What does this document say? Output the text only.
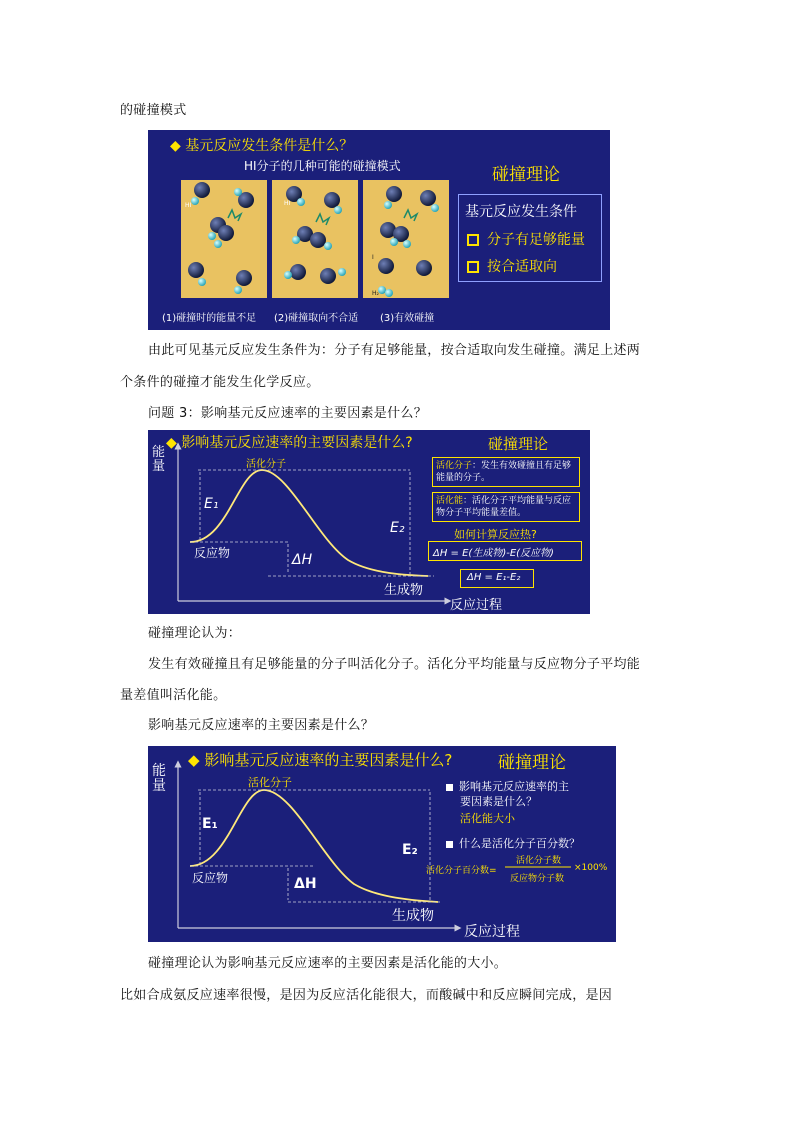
的碰撞模式
◆ 基元反应发生条件是什么？
HI分子的几种可能的碰撞模式
HI	HI
I
I
H₂
(1)碰撞时的能量不足 (2)碰撞取向不合适 (3)有效碰撞
碰撞理论
基元反应发生条件
分子有足够能量
按合适取向
由此可见基元反应发生条件为：分子有足够能量，按合适取向发生碰撞。满足上述两
个条件的碰撞才能发生化学反应。
问题 3：影响基元反应速率的主要因素是什么？
◆ 影响基元反应速率的主要因素是什么?	碰撞理论
能量	活化分子
E₁
E₂
ΔH
反应物
生成物
反应过程
活化分子：发生有效碰撞且有足够能量的分子。
活化能：活化分子平均能量与反应物分子平均能量差值。
如何计算反应热?
ΔH = E(生成物)-E(反应物)
ΔH = E₁-E₂
碰撞理论认为：
发生有效碰撞且有足够能量的分子叫活化分子。活化分平均能量与反应物分子平均能
量差值叫活化能。
影响基元反应速率的主要因素是什么？
◆ 影响基元反应速率的主要因素是什么?	碰撞理论
能量	活化分子
E₁
E₂
ΔH
反应物
生成物
反应过程
影响基元反应速率的主
要因素是什么？
活化能大小
什么是活化分子百分数？
活化分子百分数=
活化分子数
反应物分子数
×100%
碰撞理论认为影响基元反应速率的主要因素是活化能的大小。
比如合成氨反应速率很慢，是因为反应活化能很大，而酸碱中和反应瞬间完成，是因
